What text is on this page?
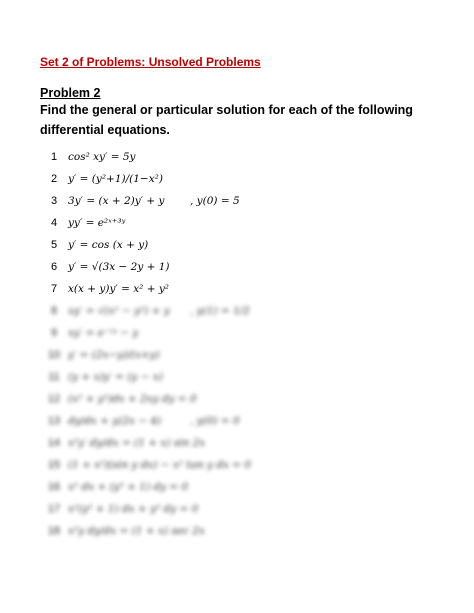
Set 2 of Problems: Unsolved Problems
Problem 2
Find the general or particular solution for each of the following differential equations.
1	cos² xy′ = 5y
2	y′ = (y²+1)/(1−x²)
3	3y′ = (x + 2)y′ + y , y(0) = 5
4	yy′ = e²ˣ⁺³ʸ
5	y′ = cos (x + y)
6	y′ = √(3x − 2y + 1)
7	x(x + y)y′ = x² + y²
8	xy′ = √(x² − y²) + y , y(1) = 1/2
9	xy′ = e⁻ˣʸ − y
10 y′ = (2x−y)/(x+y)
11 (y + x)y′ = (y − x)
12 (x² + y²)dx + 2xy dy = 0
13 dy/dx + y(2x − 4)	, y(0) = 0
14 x²y′ dy/dx = (1 + x) sin 2x
15 (1 + x²)(sin y dx) − x² tan y dx = 0
16 x² dx + (y² + 1) dy = 0
17 x²(y² + 1) dx + y² dy = 0
18 x²y dy/dx = (1 + x) sec 2x
